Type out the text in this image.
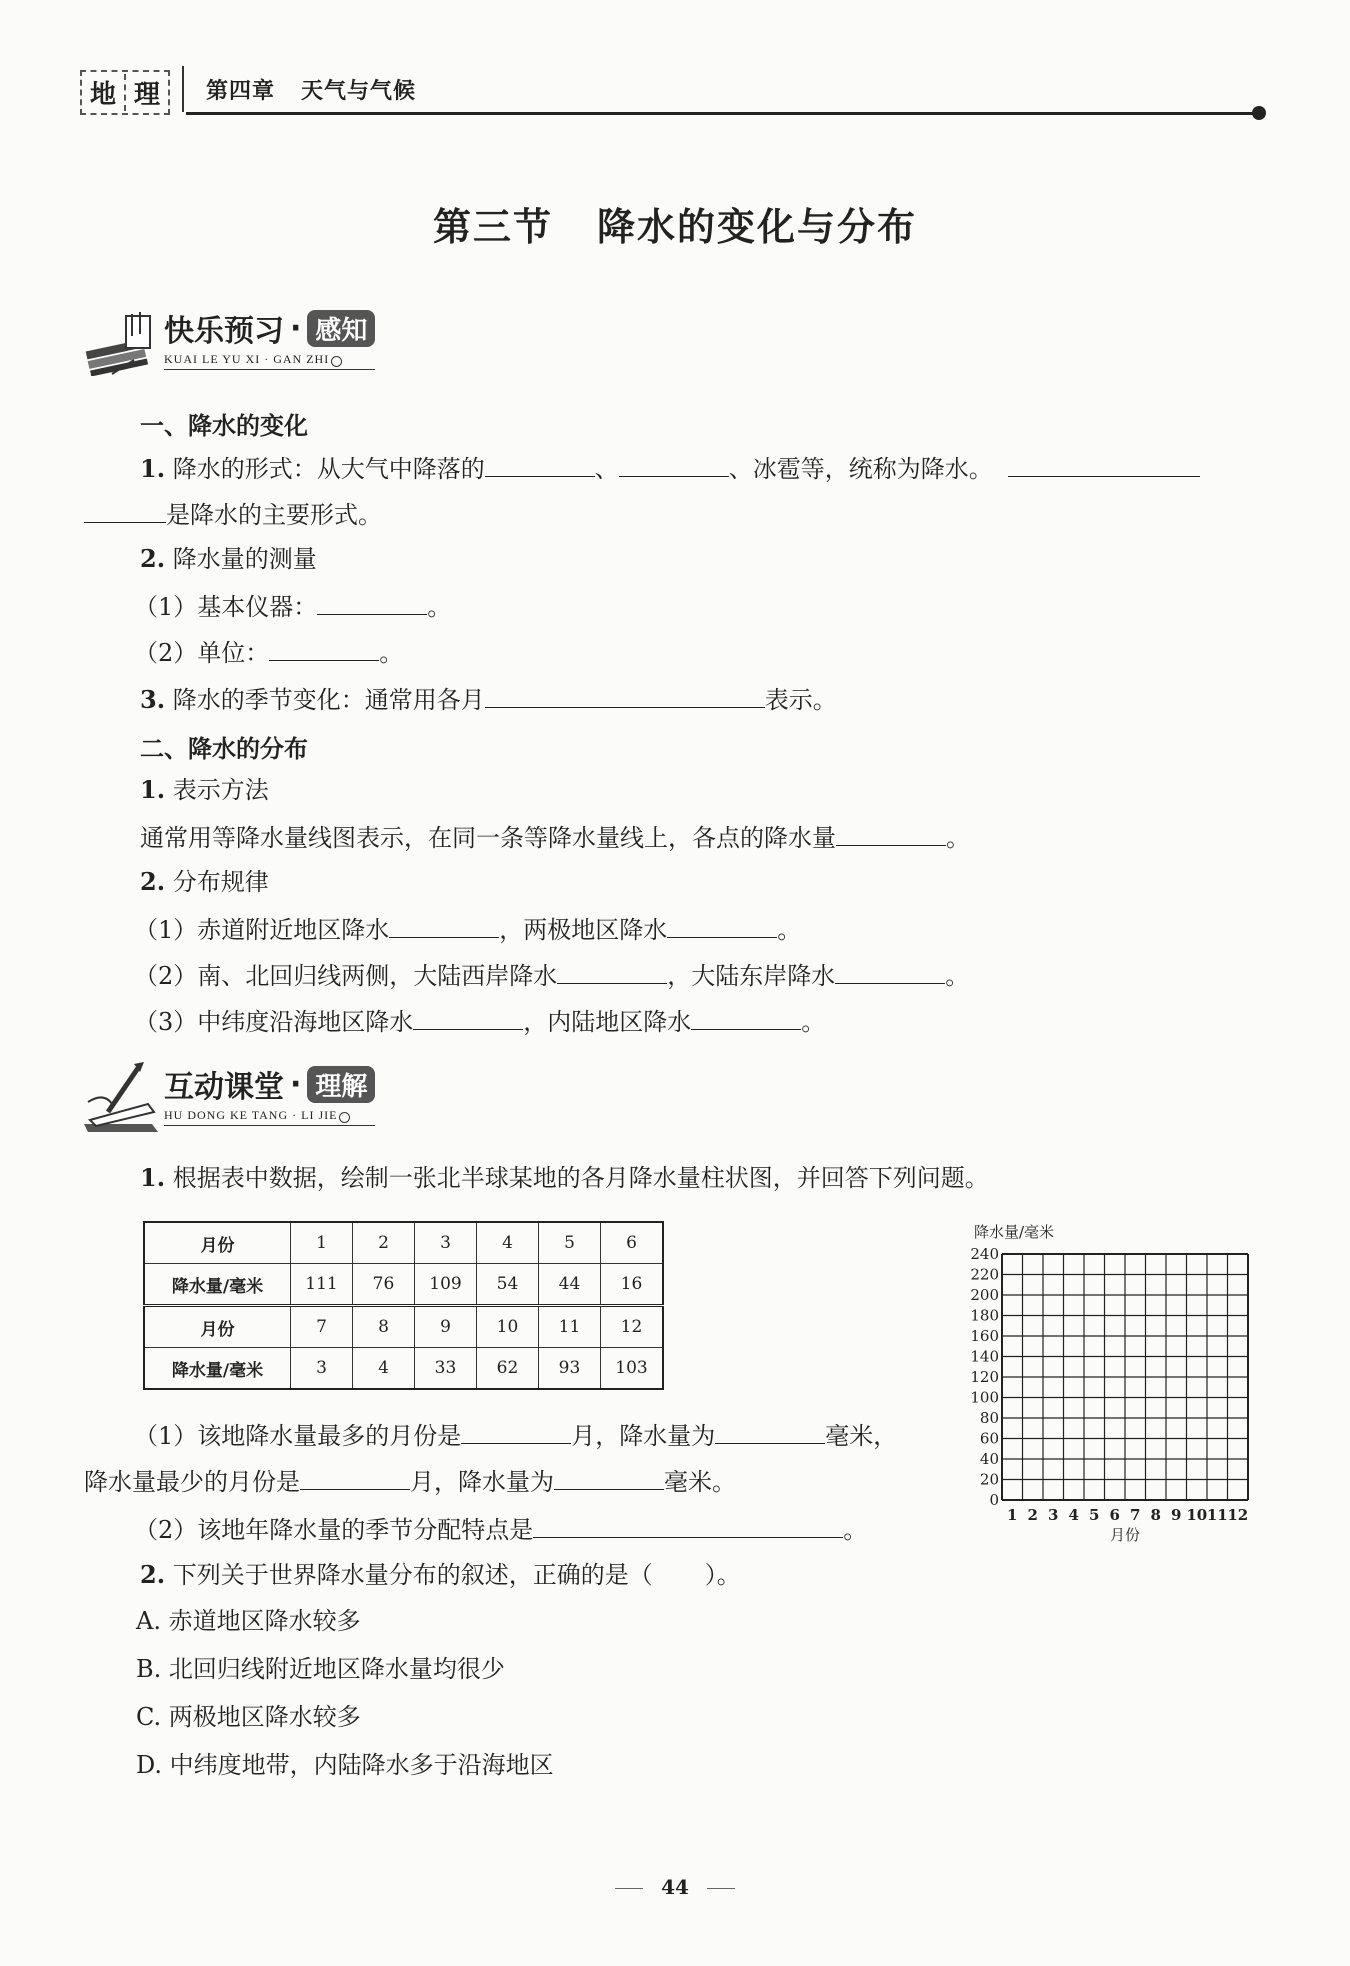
地 理 第四章 天气与气候
第三节 降水的变化与分布
快乐预习 · 感知
KUAI LE YU XI · GAN ZHI
一、降水的变化
1. 降水的形式：从大气中降落的	、	、冰雹等，统称为降水。
是降水的主要形式。
2. 降水量的测量
（1）基本仪器：	。
（2）单位：	。
3. 降水的季节变化：通常用各月	表示。
二、降水的分布
1. 表示方法
通常用等降水量线图表示，在同一条等降水量线上，各点的降水量	。
2. 分布规律
（1）赤道附近地区降水	，两极地区降水	。
（2）南、北回归线两侧，大陆西岸降水	，大陆东岸降水	。
（3）中纬度沿海地区降水	，内陆地区降水	。
互动课堂 · 理解
HU DONG KE TANG · LI JIE
1. 根据表中数据，绘制一张北半球某地的各月降水量柱状图，并回答下列问题。
月份	1	2	3	4	5	6
降水量/毫米	111	76	109	54	44	16
月份	7	8	9	10	11	12
降水量/毫米	3	4	33	62	93	103
降水量/毫米
0
20
40
60
80
100
120
140
160
180
200
220
240
1 2 3 4 5 6 7 8 9 10 11 12
月份
（1）该地降水量最多的月份是	月，降水量为	毫米，
降水量最少的月份是	月，降水量为	毫米。
（2）该地年降水量的季节分配特点是	。
2. 下列关于世界降水量分布的叙述，正确的是（ ）。
A. 赤道地区降水较多
B. 北回归线附近地区降水量均很少
C. 两极地区降水较多
D. 中纬度地带，内陆降水多于沿海地区
44
